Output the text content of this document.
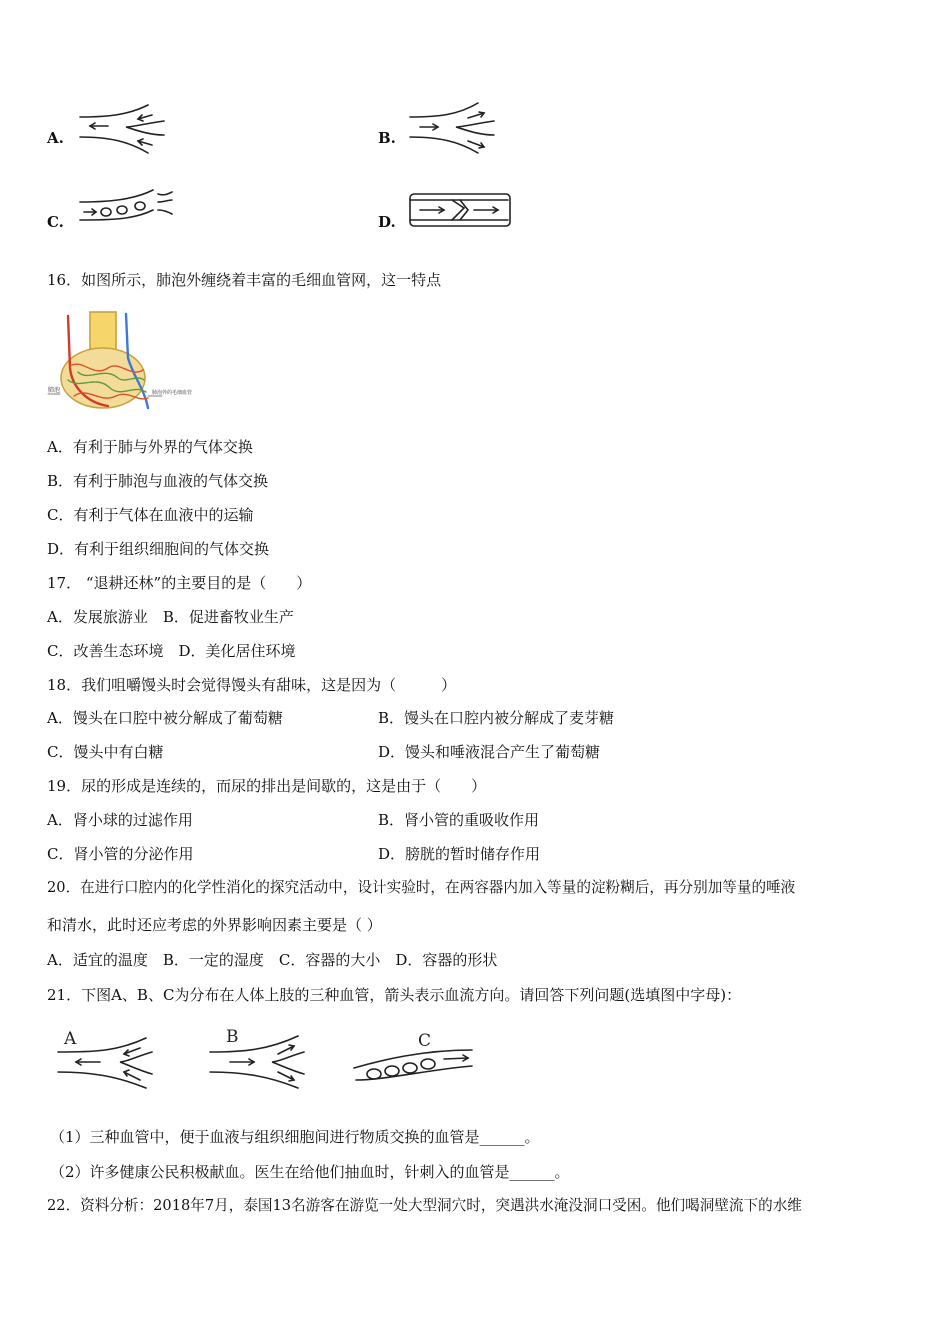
A.	B.
C.	D.
16．如图所示，肺泡外缠绕着丰富的毛细血管网，这一特点
肺泡	肺泡外的毛细血管
A．有利于肺与外界的气体交换
B．有利于肺泡与血液的气体交换
C．有利于气体在血液中的运输
D．有利于组织细胞间的气体交换
17． “退耕还林”的主要目的是（　　）
A．发展旅游业　B．促进畜牧业生产
C．改善生态环境　D．美化居住环境
18．我们咀嚼馒头时会觉得馒头有甜味，这是因为（　　　）
A．馒头在口腔中被分解成了葡萄糖	B．馒头在口腔内被分解成了麦芽糖
C．馒头中有白糖	D．馒头和唾液混合产生了葡萄糖
19．尿的形成是连续的，而尿的排出是间歇的，这是由于（　　）
A．肾小球的过滤作用	B．肾小管的重吸收作用
C．肾小管的分泌作用	D．膀胱的暂时储存作用
20．在进行口腔内的化学性消化的探究活动中，设计实验时，在两容器内加入等量的淀粉糊后，再分别加等量的唾液
和清水，此时还应考虑的外界影响因素主要是（ ）
A．适宜的温度　B．一定的湿度　C．容器的大小　D．容器的形状
21．下图A、B、C为分布在人体上肢的三种血管，箭头表示血流方向。请回答下列问题(选填图中字母)：
A	B	C
（1）三种血管中，便于血液与组织细胞间进行物质交换的血管是______。
（2）许多健康公民积极献血。医生在给他们抽血时，针刺入的血管是______。
22．资料分析：2018年7月，泰国13名游客在游览一处大型洞穴时，突遇洪水淹没洞口受困。他们喝洞壁流下的水维
